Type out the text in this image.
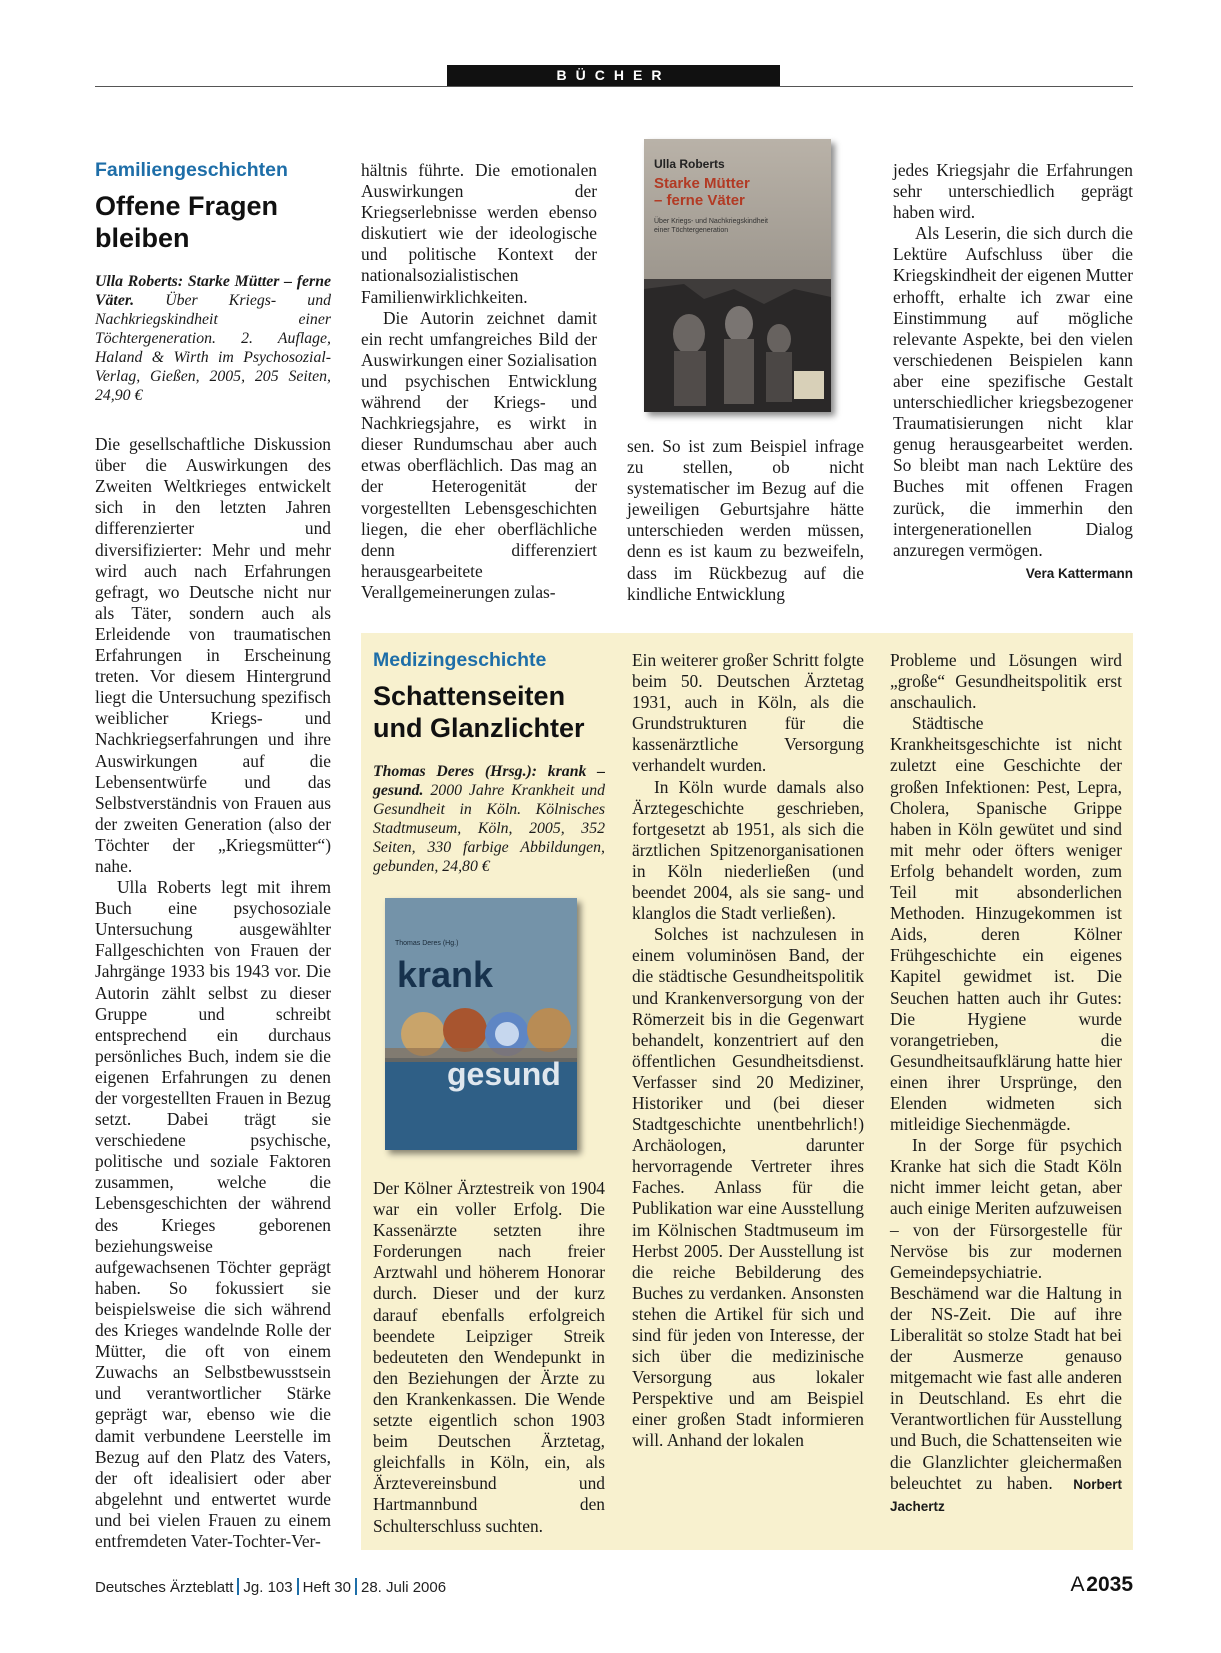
BÜCHER
Familiengeschichten
Offene Fragen
bleiben
Ulla Roberts: Starke Mütter – ferne Väter. Über Kriegs- und Nachkriegskindheit einer Töchtergeneration. 2. Auflage, Haland & Wirth im Psychosozial-Verlag, Gießen, 2005, 205 Seiten, 24,90 €

Die gesellschaftliche Diskussion über die Auswirkungen des Zweiten Weltkrieges entwickelt sich in den letzten Jahren differenzierter und diversifizierter: Mehr und mehr wird auch nach Erfahrungen gefragt, wo Deutsche nicht nur als Täter, sondern auch als Erleidende von traumatischen Erfahrungen in Erscheinung treten. Vor diesem Hintergrund liegt die Untersuchung spezifisch weiblicher Kriegs- und Nachkriegserfahrungen und ihre Auswirkungen auf die Lebensentwürfe und das Selbstverständnis von Frauen aus der zweiten Generation (also der Töchter der „Kriegsmütter“) nahe.

Ulla Roberts legt mit ihrem Buch eine psychosoziale Untersuchung ausgewählter Fallgeschichten von Frauen der Jahrgänge 1933 bis 1943 vor. Die Autorin zählt selbst zu dieser Gruppe und schreibt entsprechend ein durchaus persönliches Buch, indem sie die eigenen Erfahrungen zu denen der vorgestellten Frauen in Bezug setzt. Dabei trägt sie verschiedene psychische, politische und soziale Faktoren zusammen, welche die Lebensgeschichten der während des Krieges geborenen beziehungsweise aufgewachsenen Töchter geprägt haben. So fokussiert sie beispielsweise die sich während des Krieges wandelnde Rolle der Mütter, die oft von einem Zuwachs an Selbstbewusstsein und verantwortlicher Stärke geprägt war, ebenso wie die damit verbundene Leerstelle im Bezug auf den Platz des Vaters, der oft idealisiert oder aber abgelehnt und entwertet wurde und bei vielen Frauen zu einem entfremdeten Vater-Tochter-Ver-

hältnis führte. Die emotionalen Auswirkungen der Kriegserlebnisse werden ebenso diskutiert wie der ideologische und politische Kontext der nationalsozialistischen Familienwirklichkeiten.

Die Autorin zeichnet damit ein recht umfangreiches Bild der Auswirkungen einer Sozialisation und psychischen Entwicklung während der Kriegs- und Nachkriegsjahre, es wirkt in dieser Rundumschau aber auch etwas oberflächlich. Das mag an der Heterogenität der vorgestellten Lebensgeschichten liegen, die eher oberflächliche denn differenziert herausgearbeitete Verallgemeinerungen zulas-

Ulla Roberts
Starke Mütter
– ferne Väter
Über Kriegs- und Nachkriegskindheit einer Töchtergeneration

sen. So ist zum Beispiel infrage zu stellen, ob nicht systematischer im Bezug auf die jeweiligen Geburtsjahre hätte unterschieden werden müssen, denn es ist kaum zu bezweifeln, dass im Rückbezug auf die kindliche Entwicklung

jedes Kriegsjahr die Erfahrungen sehr unterschiedlich geprägt haben wird.

Als Leserin, die sich durch die Lektüre Aufschluss über die Kriegskindheit der eigenen Mutter erhofft, erhalte ich zwar eine Einstimmung auf mögliche relevante Aspekte, bei den vielen verschiedenen Beispielen kann aber eine spezifische Gestalt unterschiedlicher kriegsbezogener Traumatisierungen nicht klar genug herausgearbeitet werden. So bleibt man nach Lektüre des Buches mit offenen Fragen zurück, die immerhin den intergenerationellen Dialog anzuregen vermögen.
Vera Kattermann

Medizingeschichte
Schattenseiten
und Glanzlichter
Thomas Deres (Hrsg.): krank – gesund. 2000 Jahre Krankheit und Gesundheit in Köln. Kölnisches Stadtmuseum, Köln, 2005, 352 Seiten, 330 farbige Abbildungen, gebunden, 24,80 €
Thomas Deres (Hg.)
krank
gesund

Der Kölner Ärztestreik von 1904 war ein voller Erfolg. Die Kassenärzte setzten ihre Forderungen nach freier Arztwahl und höherem Honorar durch. Dieser und der kurz darauf ebenfalls erfolgreich beendete Leipziger Streik bedeuteten den Wendepunkt in den Beziehungen der Ärzte zu den Krankenkassen. Die Wende setzte eigentlich schon 1903 beim Deutschen Ärztetag, gleichfalls in Köln, ein, als Ärztevereinsbund und Hartmannbund den Schulterschluss suchten.

Ein weiterer großer Schritt folgte beim 50. Deutschen Ärztetag 1931, auch in Köln, als die Grundstrukturen für die kassenärztliche Versorgung verhandelt wurden.

In Köln wurde damals also Ärztegeschichte geschrieben, fortgesetzt ab 1951, als sich die ärztlichen Spitzenorganisationen in Köln niederließen (und beendet 2004, als sie sang- und klanglos die Stadt verließen).

Solches ist nachzulesen in einem voluminösen Band, der die städtische Gesundheitspolitik und Krankenversorgung von der Römerzeit bis in die Gegenwart behandelt, konzentriert auf den öffentlichen Gesundheitsdienst. Verfasser sind 20 Mediziner, Historiker und (bei dieser Stadtgeschichte unentbehrlich!) Archäologen, darunter hervorragende Vertreter ihres Faches. Anlass für die Publikation war eine Ausstellung im Kölnischen Stadtmuseum im Herbst 2005. Der Ausstellung ist die reiche Bebilderung des Buches zu verdanken. Ansonsten stehen die Artikel für sich und sind für jeden von Interesse, der sich über die medizinische Versorgung aus lokaler Perspektive und am Beispiel einer großen Stadt informieren will. Anhand der lokalen

Probleme und Lösungen wird „große“ Gesundheitspolitik erst anschaulich.

Städtische Krankheitsgeschichte ist nicht zuletzt eine Geschichte der großen Infektionen: Pest, Lepra, Cholera, Spanische Grippe haben in Köln gewütet und sind mit mehr oder öfters weniger Erfolg behandelt worden, zum Teil mit absonderlichen Methoden. Hinzugekommen ist Aids, deren Kölner Frühgeschichte ein eigenes Kapitel gewidmet ist. Die Seuchen hatten auch ihr Gutes: Die Hygiene wurde vorangetrieben, die Gesundheitsaufklärung hatte hier einen ihrer Ursprünge, den Elenden widmeten sich mitleidige Siechenmägde.

In der Sorge für psychich Kranke hat sich die Stadt Köln nicht immer leicht getan, aber auch einige Meriten aufzuweisen – von der Fürsorgestelle für Nervöse bis zur modernen Gemeindepsychiatrie. Beschämend war die Haltung in der NS-Zeit. Die auf ihre Liberalität so stolze Stadt hat bei der Ausmerze genauso mitgemacht wie fast alle anderen in Deutschland. Es ehrt die Verantwortlichen für Ausstellung und Buch, die Schattenseiten wie die Glanzlichter gleichermaßen beleuchtet zu haben. Norbert Jachertz

Deutsches Ärzteblatt Jg. 103 Heft 30 28. Juli 2006	A 2035
